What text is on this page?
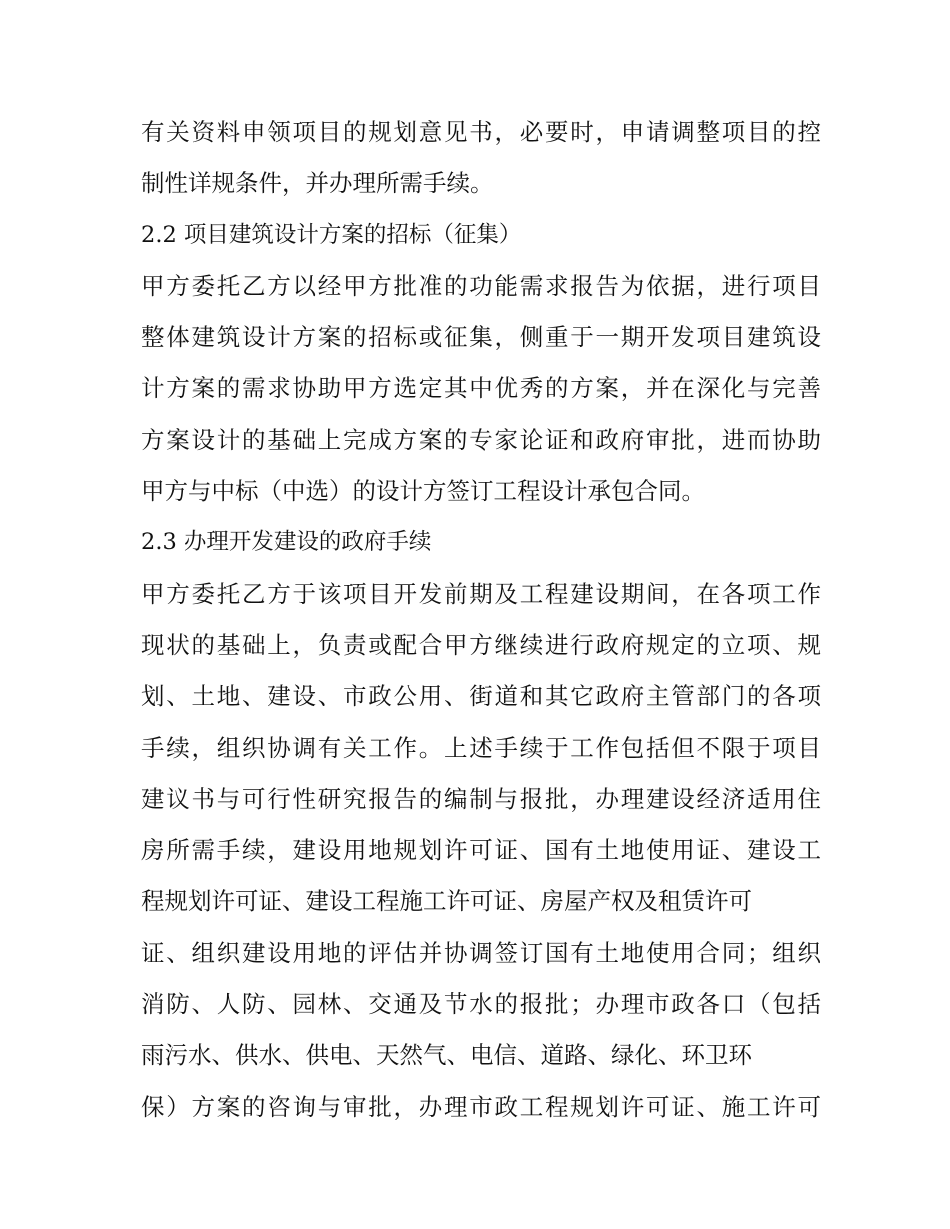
有关资料申领项目的规划意见书，必要时，申请调整项目的控
制性详规条件，并办理所需手续。
2.2 项目建筑设计方案的招标（征集）
甲方委托乙方以经甲方批准的功能需求报告为依据，进行项目
整体建筑设计方案的招标或征集，侧重于一期开发项目建筑设
计方案的需求协助甲方选定其中优秀的方案，并在深化与完善
方案设计的基础上完成方案的专家论证和政府审批，进而协助
甲方与中标（中选）的设计方签订工程设计承包合同。
2.3 办理开发建设的政府手续
甲方委托乙方于该项目开发前期及工程建设期间，在各项工作
现状的基础上，负责或配合甲方继续进行政府规定的立项、规
划、土地、建设、市政公用、街道和其它政府主管部门的各项
手续，组织协调有关工作。上述手续于工作包括但不限于项目
建议书与可行性研究报告的编制与报批，办理建设经济适用住
房所需手续，建设用地规划许可证、国有土地使用证、建设工
程规划许可证、建设工程施工许可证、房屋产权及租赁许可
证、组织建设用地的评估并协调签订国有土地使用合同；组织
消防、人防、园林、交通及节水的报批；办理市政各口（包括
雨污水、供水、供电、天然气、电信、道路、绿化、环卫环
保）方案的咨询与审批，办理市政工程规划许可证、施工许可
